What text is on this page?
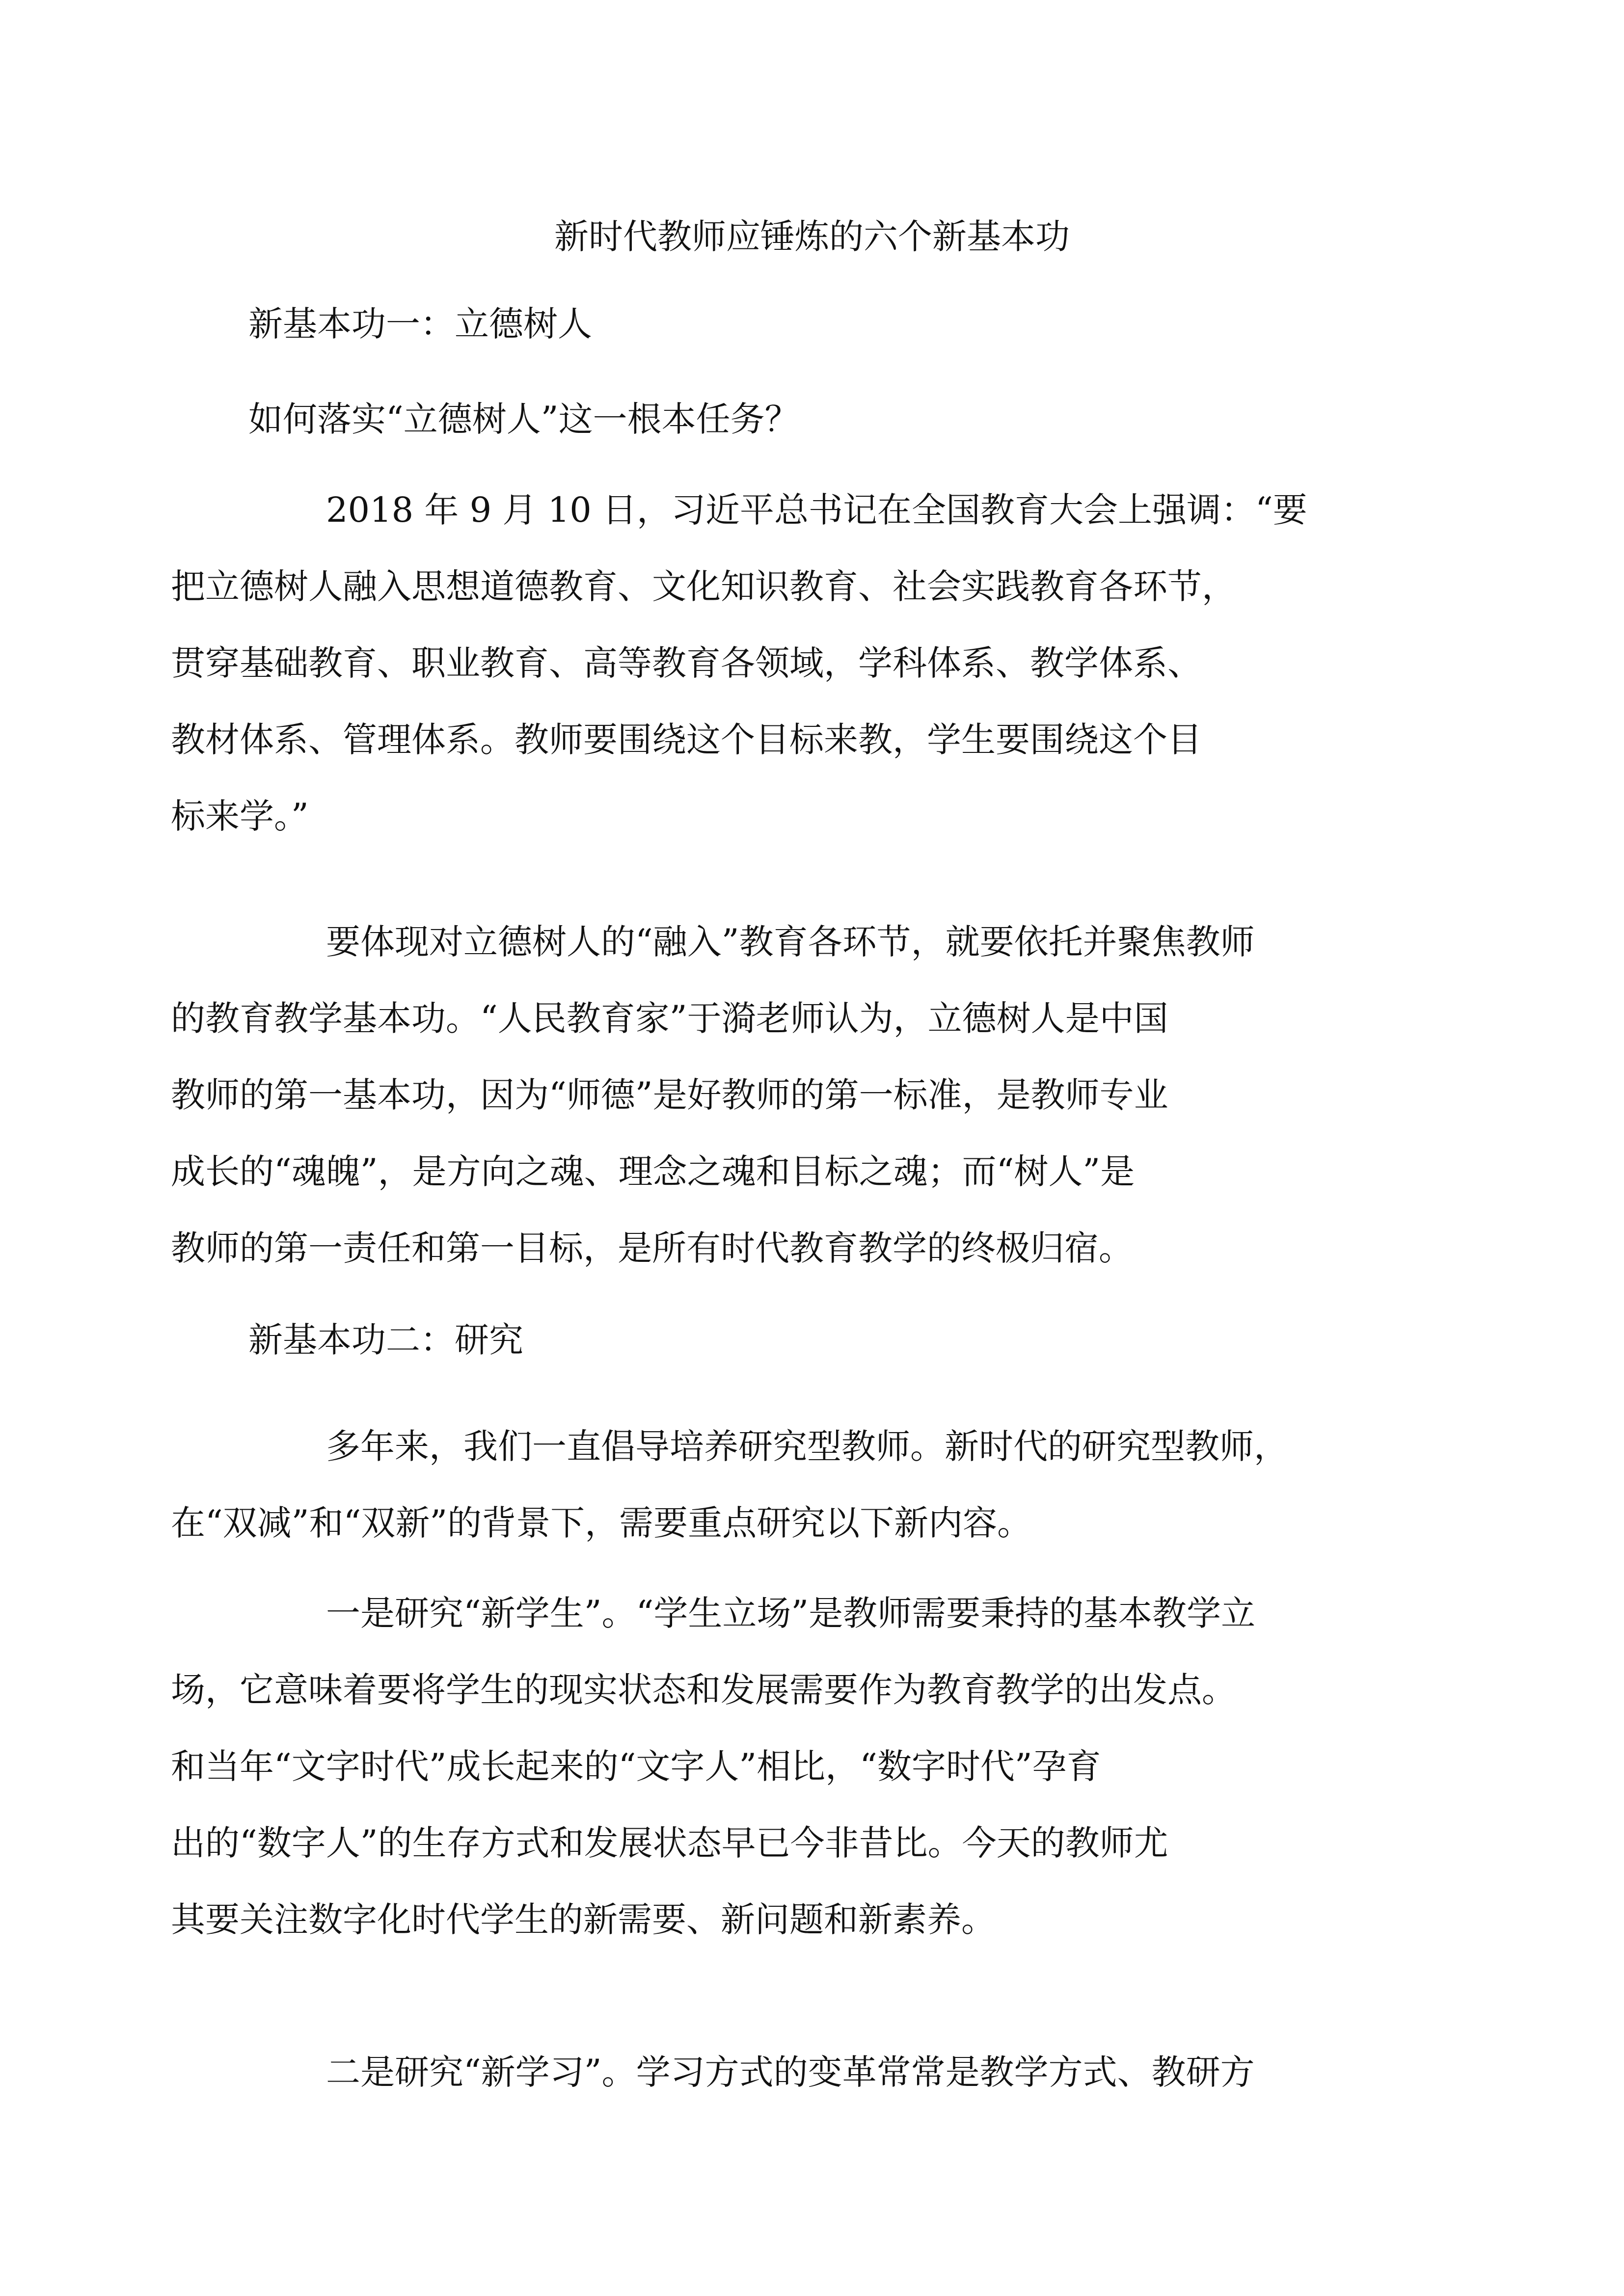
新时代教师应锤炼的六个新基本功
新基本功一：立德树人
如何落实“立德树人”这一根本任务？
2018 年 9 月 10 日，习近平总书记在全国教育大会上强调：“要
把立德树人融入思想道德教育、文化知识教育、社会实践教育各环节，
贯穿基础教育、职业教育、高等教育各领域，学科体系、教学体系、
教材体系、管理体系。教师要围绕这个目标来教，学生要围绕这个目
标来学。”
要体现对立德树人的“融入”教育各环节，就要依托并聚焦教师
的教育教学基本功。“人民教育家”于漪老师认为，立德树人是中国
教师的第一基本功，因为“师德”是好教师的第一标准，是教师专业
成长的“魂魄”，是方向之魂、理念之魂和目标之魂；而“树人”是
教师的第一责任和第一目标，是所有时代教育教学的终极归宿。
新基本功二：研究
多年来，我们一直倡导培养研究型教师。新时代的研究型教师，
在“双减”和“双新”的背景下，需要重点研究以下新内容。
一是研究“新学生”。“学生立场”是教师需要秉持的基本教学立
场，它意味着要将学生的现实状态和发展需要作为教育教学的出发点。
和当年“文字时代”成长起来的“文字人”相比，“数字时代”孕育
出的“数字人”的生存方式和发展状态早已今非昔比。今天的教师尤
其要关注数字化时代学生的新需要、新问题和新素养。
二是研究“新学习”。学习方式的变革常常是教学方式、教研方
